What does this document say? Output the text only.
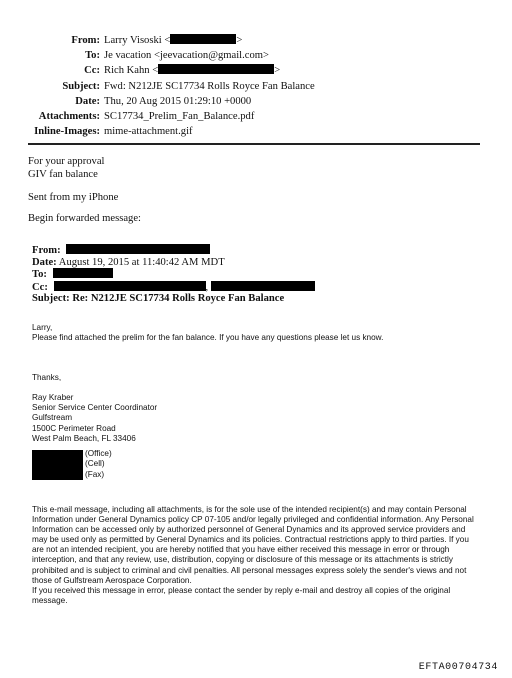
From: Larry Visoski <	>
To: Je vacation <jeevacation@gmail.com>
Cc: Rich Kahn <	>
Subject: Fwd: N212JE SC17734 Rolls Royce Fan Balance
Date: Thu, 20 Aug 2015 01:29:10 +0000
Attachments: SC17734_Prelim_Fan_Balance.pdf
Inline-Images: mime-attachment.gif
For your approval
GIV fan balance
Sent from my iPhone
Begin forwarded message:
From:
Date: August 19, 2015 at 11:40:42 AM MDT
To:
Cc:	,
Subject: Re: N212JE SC17734 Rolls Royce Fan Balance
Larry,
Please find attached the prelim for the fan balance. If you have any questions please let us know.
Thanks,
Ray Kraber
Senior Service Center Coordinator
Gulfstream
1500C Perimeter Road
West Palm Beach, FL 33406
(Office)
(Cell)
(Fax)
This e-mail message, including all attachments, is for the sole use of the intended recipient(s) and may contain Personal
Information under General Dynamics policy CP 07-105 and/or legally privileged and confidential information. Any Personal
Information can be accessed only by authorized personnel of General Dynamics and its approved service providers and
may be used only as permitted by General Dynamics and its policies. Contractual restrictions apply to third parties. If you
are not an intended recipient, you are hereby notified that you have either received this message in error or through
interception, and that any review, use, distribution, copying or disclosure of this message or its attachments is strictly
prohibited and is subject to criminal and civil penalties. All personal messages express solely the sender's views and not
those of Gulfstream Aerospace Corporation.
If you received this message in error, please contact the sender by reply e-mail and destroy all copies of the original
message.
EFTA00704734
